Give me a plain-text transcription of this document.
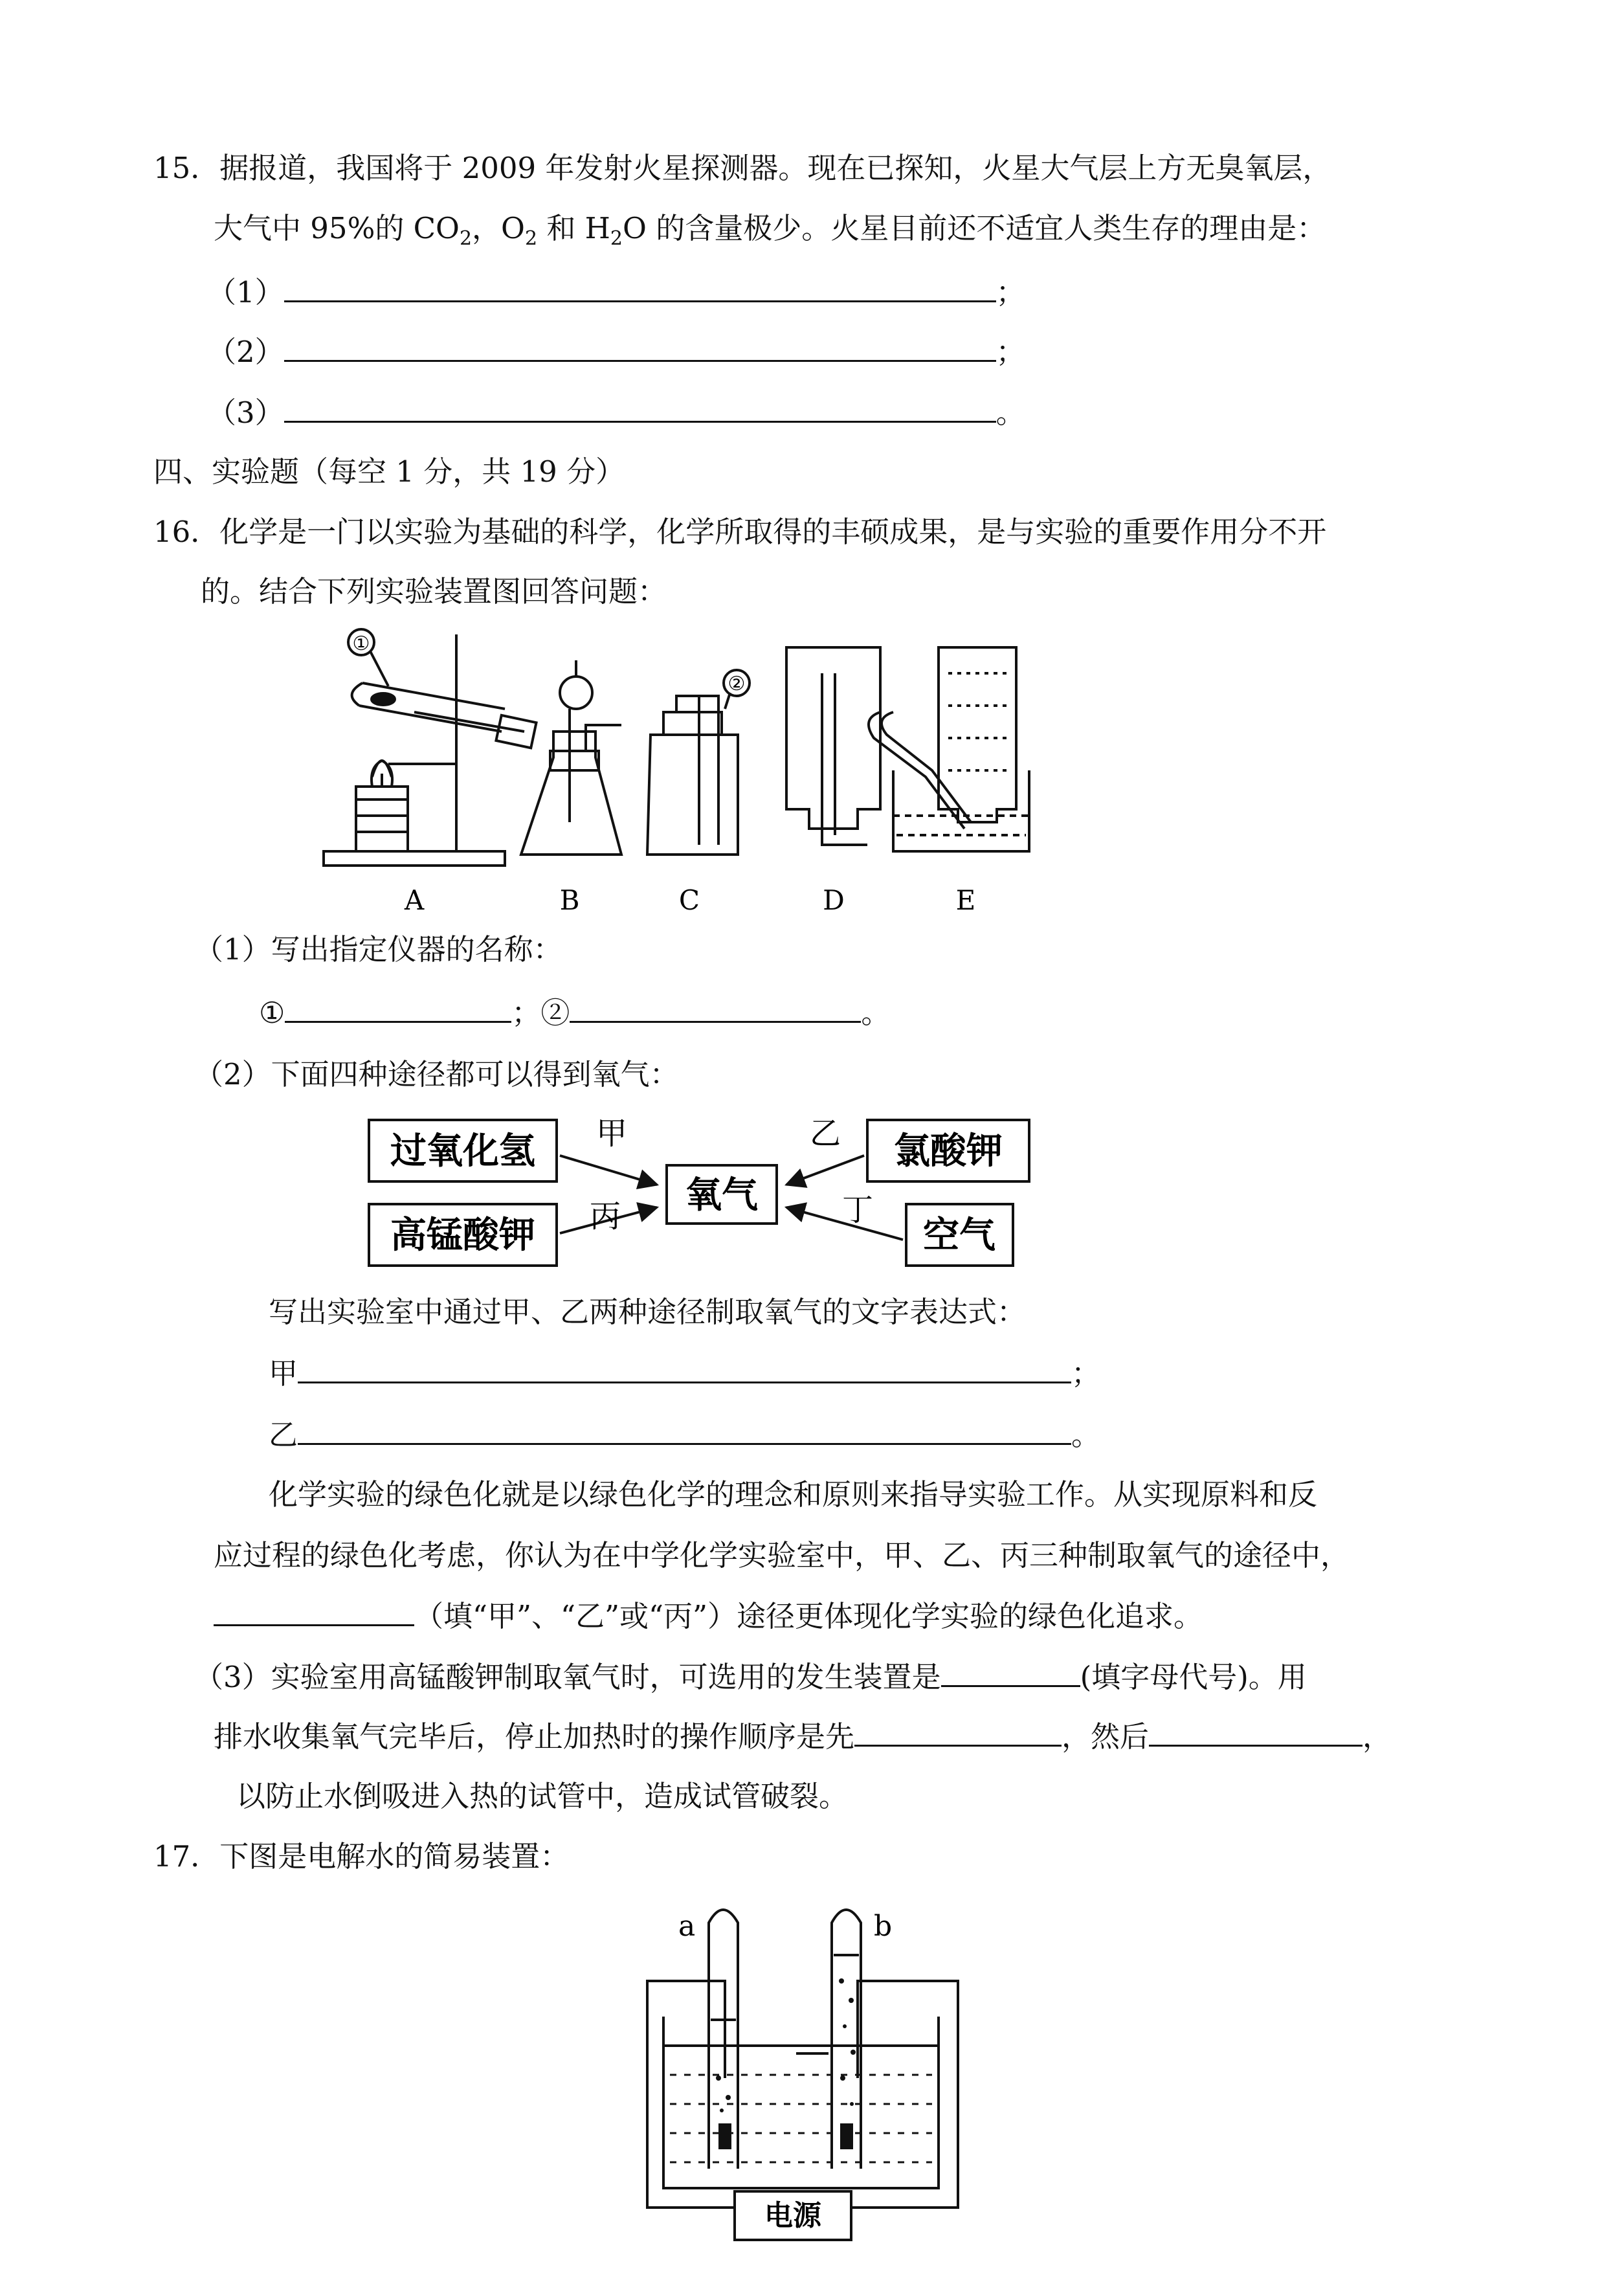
15．据报道，我国将于 2009 年发射火星探测器。现在已探知，火星大气层上方无臭氧层，
大气中 95%的 $CO_2$，$O_2$ 和 $H_2O$ 的含量极少。火星目前还不适宜人类生存的理由是：
（1）	；
（2）	；
（3）	。
四、实验题（每空 1 分，共 19 分）
16．化学是一门以实验为基础的科学，化学所取得的丰硕成果，是与实验的重要作用分不开
的。结合下列实验装置图回答问题：
①
②
A	B	C	D	E
（1）写出指定仪器的名称：
①	；②	。
（2）下面四种途径都可以得到氧气：
过氧化氢
高锰酸钾
氧气
氯酸钾
空气
甲
丙
乙
丁
写出实验室中通过甲、乙两种途径制取氧气的文字表达式：
甲	；
乙	。
化学实验的绿色化就是以绿色化学的理念和原则来指导实验工作。从实现原料和反
应过程的绿色化考虑，你认为在中学化学实验室中，甲、乙、丙三种制取氧气的途径中，
（填“甲”、“乙”或“丙”）途径更体现化学实验的绿色化追求。
（3）实验室用高锰酸钾制取氧气时，可选用的发生装置是	(填字母代号)。用
排水收集氧气完毕后，停止加热时的操作顺序是先	，然后	，
以防止水倒吸进入热的试管中，造成试管破裂。
17．下图是电解水的简易装置：
a	b
电源
